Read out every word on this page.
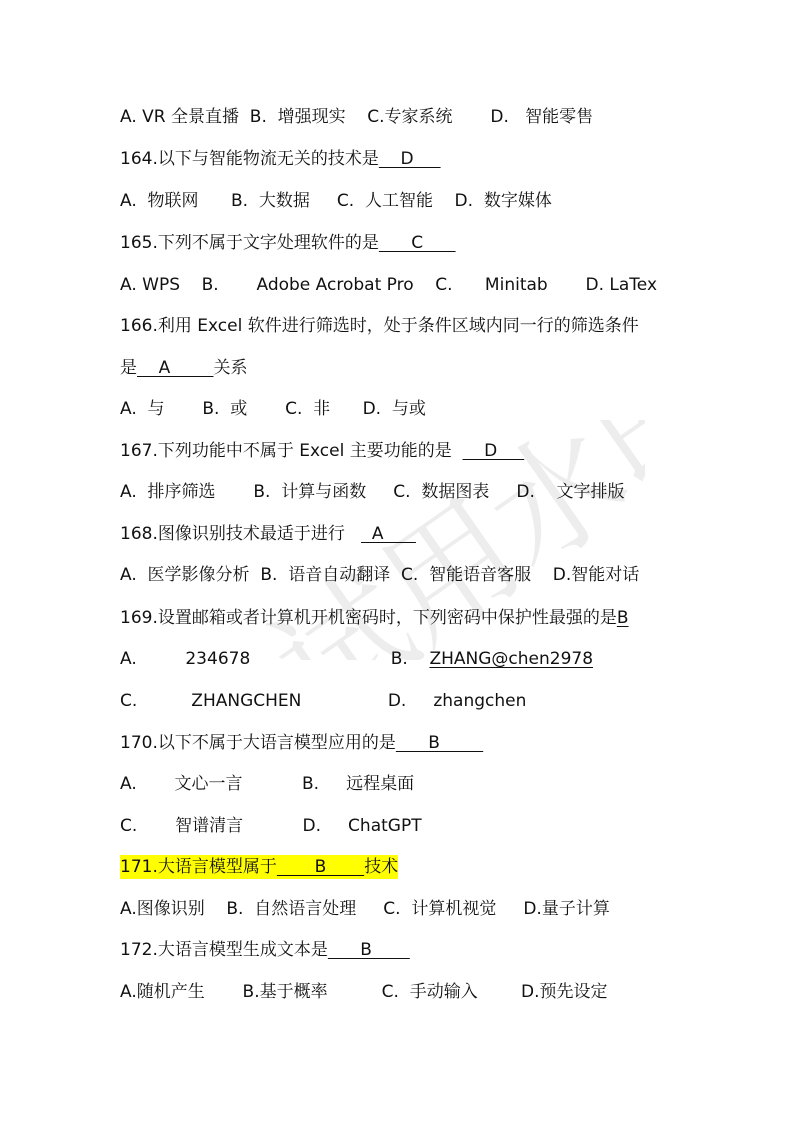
试用水印
A. VR 全景直播  B.  增强现实    C.专家系统       D.   智能零售
164.以下与智能物流无关的技术是    D
A.  物联网      B.  大数据     C.  人工智能    D.  数字媒体
165.下列不属于文字处理软件的是      C
A. WPS    B.       Adobe Acrobat Pro    C.      Minitab       D. LaTex
166.利用 Excel 软件进行筛选时，处于条件区域内同一行的筛选条件
是    A        关系
A.  与       B.  或       C.  非      D.  与或
167.下列功能中不属于 Excel 主要功能的是      D
A.  排序筛选       B.  计算与函数     C.  数据图表     D.    文字排版
168.图像识别技术最适于进行     A
A.  医学影像分析  B.  语音自动翻译  C.  智能语音客服    D.智能对话
169.设置邮箱或者计算机开机密码时，下列密码中保护性最强的是B
A.         234678                          B.    ZHANG@chen2978
C.          ZHANGCHEN                D.     zhangchen
170.以下不属于大语言模型应用的是      B
A.       文心一言           B.     远程桌面
C.       智谱清言           D.     ChatGPT
171.大语言模型属于       B       技术
A.图像识别    B.  自然语言处理     C.  计算机视觉     D.量子计算
172.大语言模型生成文本是      B
A.随机产生       B.基于概率          C.  手动输入        D.预先设定
